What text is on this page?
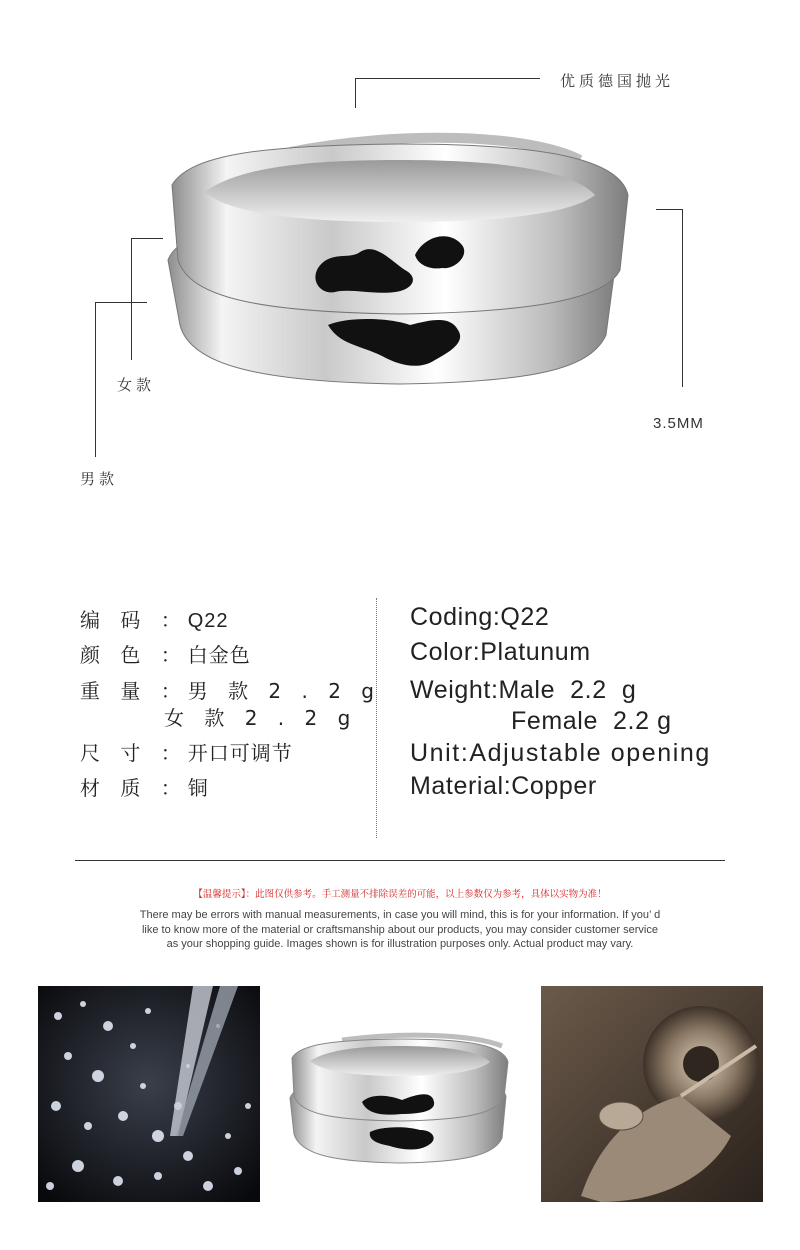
优质德国抛光
女款
男款
3.5MM
编 码 ：Q22
颜 色 ：白金色
重 量 ：男 款 2 . 2 g
女 款 2 . 2 g
尺 寸 ：开口可调节
材 质 ：铜
Coding:Q22
Color:Platunum
Weight:Male  2.2  g
Female  2.2 g
Unit:Adjustable opening
Material:Copper
【温馨提示】：此图仅供参考。手工测量不排除误差的可能，以上参数仅为参考，具体以实物为准！
There may be errors with manual measurements, in case you will mind, this is for your information. If you’ d
like to know more of the material or craftsmanship about our products, you may consider customer service
as your shopping guide. Images shown is for illustration purposes only. Actual product may vary.
